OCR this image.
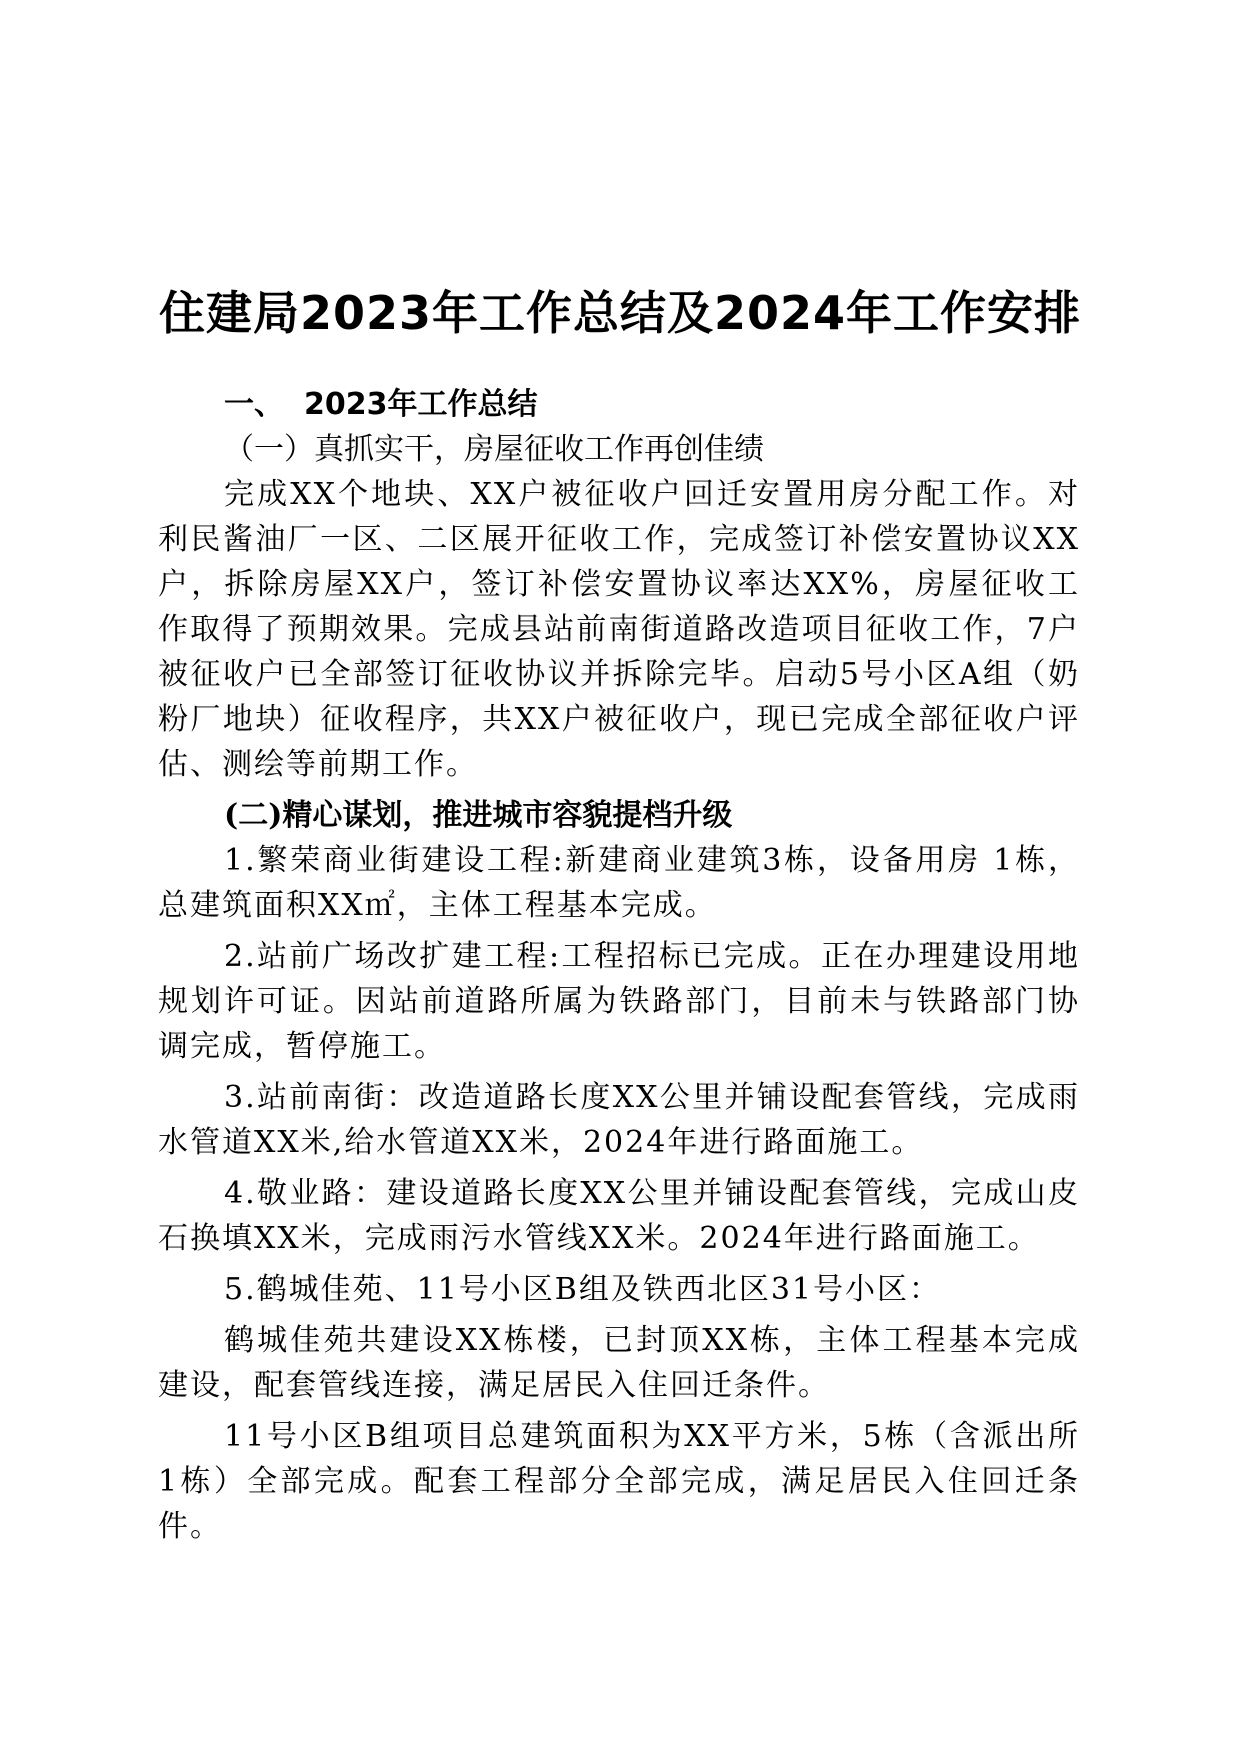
住建局2023年工作总结及2024年工作安排
一、 2023年工作总结

（一）真抓实干，房屋征收工作再创佳绩

完成XX个地块、XX户被征收户回迁安置用房分配工作。对利民酱油厂一区、二区展开征收工作，完成签订补偿安置协议XX户，拆除房屋XX户，签订补偿安置协议率达XX%，房屋征收工作取得了预期效果。完成县站前南街道路改造项目征收工作，7户被征收户已全部签订征收协议并拆除完毕。启动5号小区A组（奶粉厂地块）征收程序，共XX户被征收户，现已完成全部征收户评估、测绘等前期工作。

(二)精心谋划，推进城市容貌提档升级

1.繁荣商业街建设工程:新建商业建筑3栋，设备用房 1栋，总建筑面积XX㎡，主体工程基本完成。

2.站前广场改扩建工程:工程招标已完成。正在办理建设用地规划许可证。因站前道路所属为铁路部门，目前未与铁路部门协调完成，暂停施工。

3.站前南街：改造道路长度XX公里并铺设配套管线，完成雨水管道XX米,给水管道XX米，2024年进行路面施工。

4.敬业路：建设道路长度XX公里并铺设配套管线，完成山皮石换填XX米，完成雨污水管线XX米。2024年进行路面施工。

5.鹤城佳苑、11号小区B组及铁西北区31号小区：

鹤城佳苑共建设XX栋楼，已封顶XX栋，主体工程基本完成建设，配套管线连接，满足居民入住回迁条件。

11号小区B组项目总建筑面积为XX平方米，5栋（含派出所1栋）全部完成。配套工程部分全部完成，满足居民入住回迁条件。
